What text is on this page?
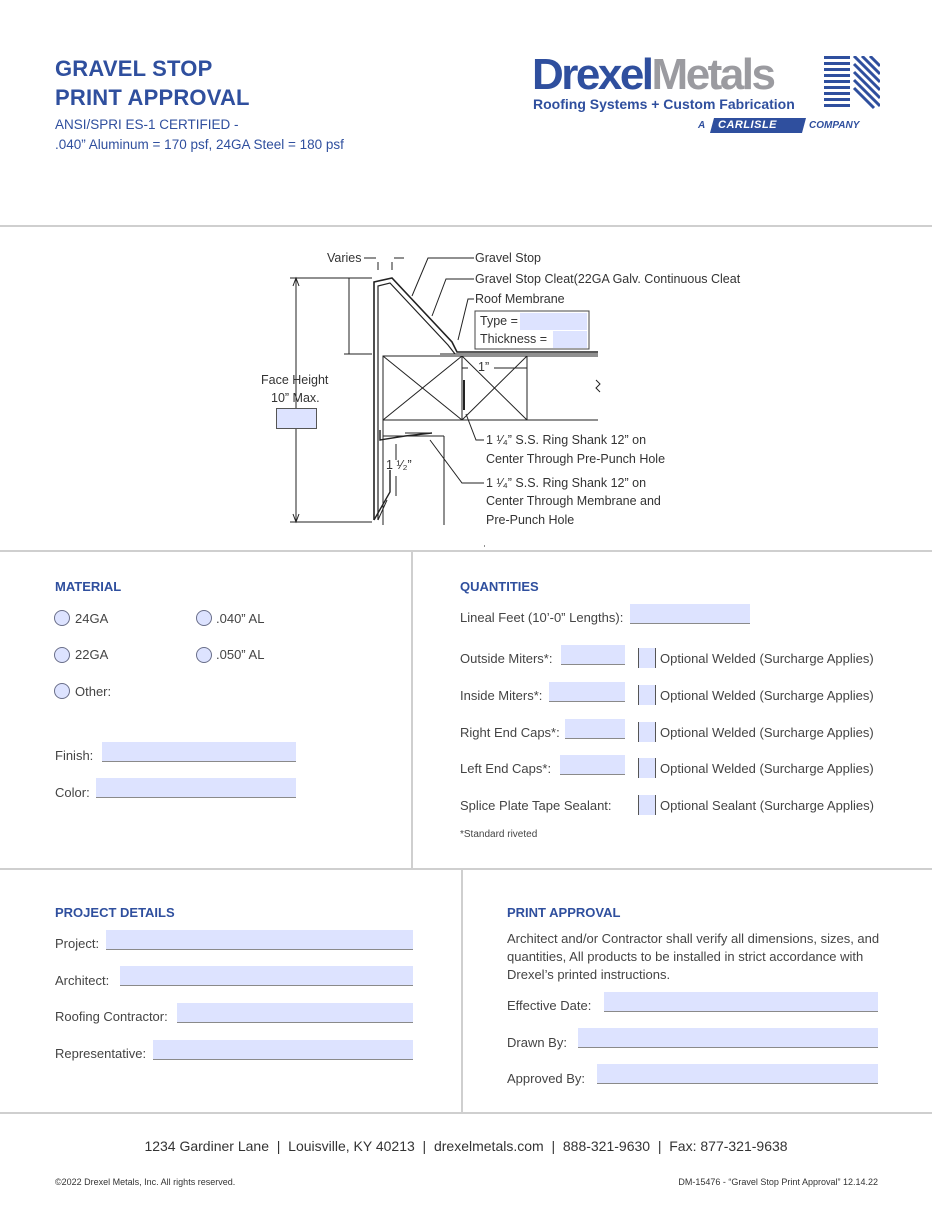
GRAVEL STOP
PRINT APPROVAL
ANSI/SPRI ES-1 CERTIFIED -
.040” Aluminum = 170 psf, 24GA Steel = 180 psf
DrexelMetals
Roofing Systems + Custom Fabrication
A CARLISLE	COMPANY
Varies	Gravel Stop
Gravel Stop Cleat(22GA Galv. Continuous Cleat
Roof Membrane
Type =
Thickness =
1”
Face Height
10” Max.
1 ¹⁄₂”
1 ¹⁄₄” S.S. Ring Shank 12” on
Center Through Pre-Punch Hole
1 ¹⁄₄” S.S. Ring Shank 12” on
Center Through Membrane and
Pre-Punch Hole
MATERIAL
24GA	.040” AL
22GA	.050” AL
Other:
Finish:
Color:
QUANTITIES
Lineal Feet (10’-0” Lengths):
Outside Miters*:	Optional Welded (Surcharge Applies)
Inside Miters*:	Optional Welded (Surcharge Applies)
Right End Caps*:	Optional Welded (Surcharge Applies)
Left End Caps*:	Optional Welded (Surcharge Applies)
Splice Plate Tape Sealant:	Optional Sealant (Surcharge Applies)
*Standard riveted
PROJECT DETAILS
Project:
Architect:
Roofing Contractor:
Representative:
PRINT APPROVAL
Architect and/or Contractor shall verify all dimensions, sizes, and quantities, All products to be installed in strict accordance with Drexel’s printed instructions.
Effective Date:
Drawn By:
Approved By:
1234 Gardiner Lane  |  Louisville, KY 40213  |  drexelmetals.com  |  888-321-9630  |  Fax: 877-321-9638
©2022 Drexel Metals, Inc. All rights reserved.	DM-15476 - “Gravel Stop Print Approval” 12.14.22
